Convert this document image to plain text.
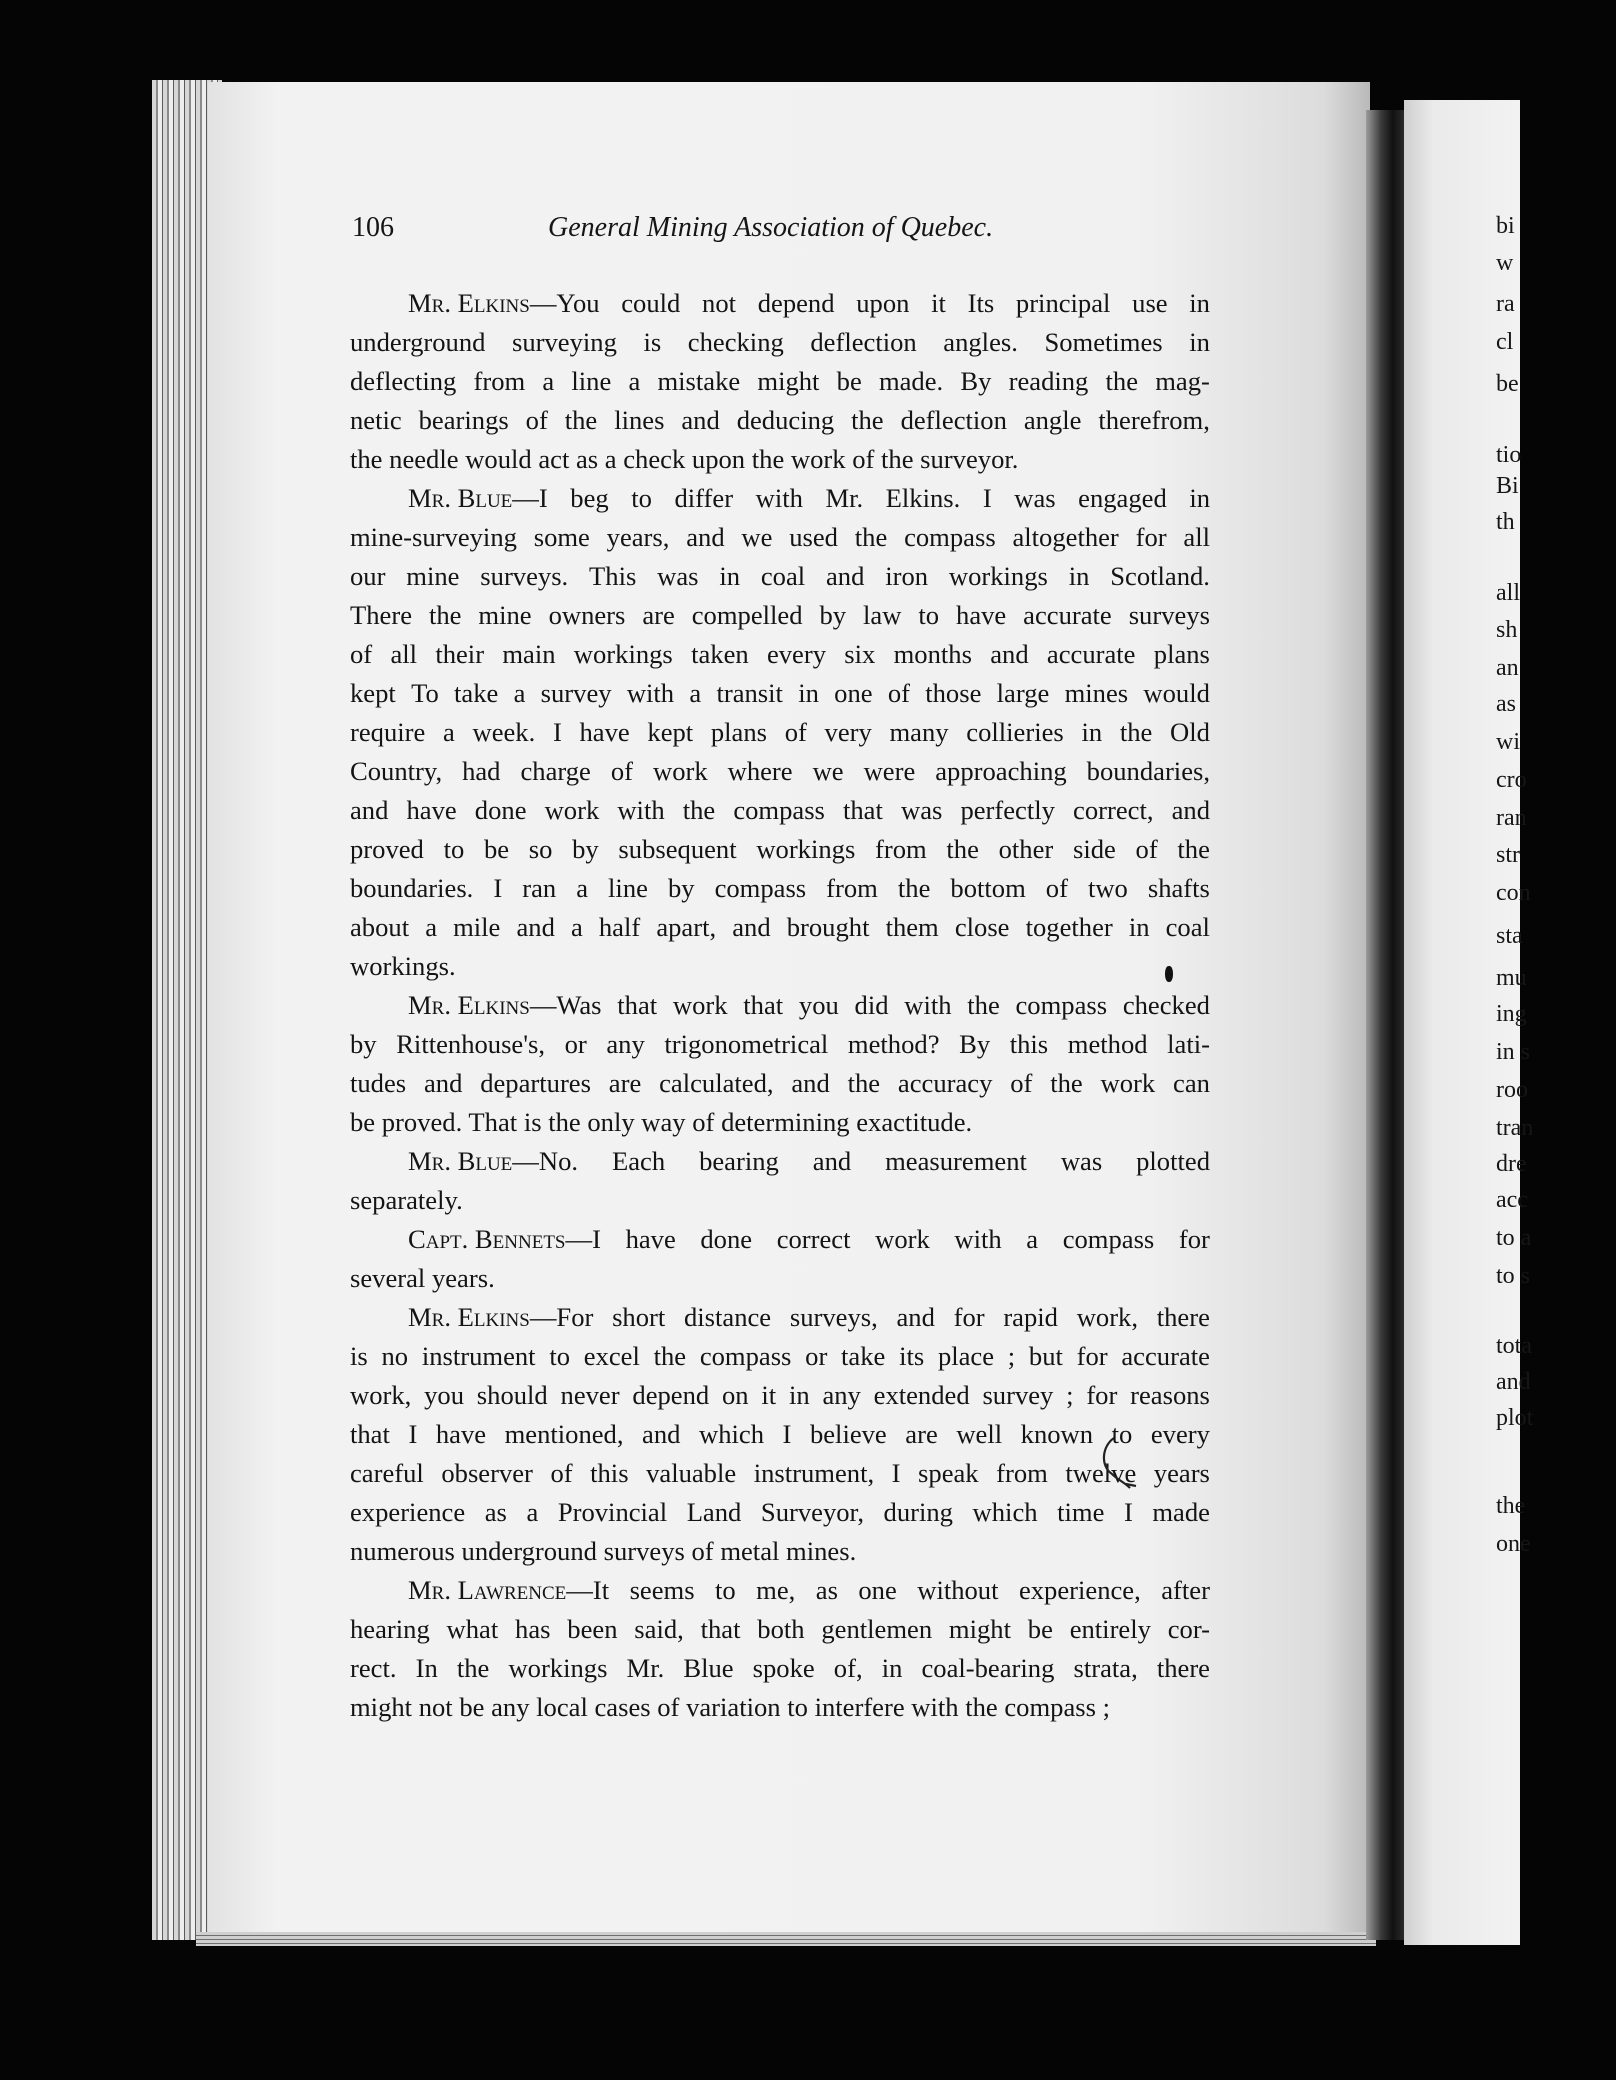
bi
w
ra
cl
be
tio
Bi
th
all
sh
an
as
wi
cro
ran
str
con
sta
mu
ing
in s
roo
tran
dre
acc
to a
to s
tota
and
plot
the
one
106	General Mining Association of Quebec.
Mr. Elkins—You could not depend upon it Its principal use in
underground surveying is checking deflection angles. Sometimes in
deflecting from a line a mistake might be made. By reading the mag-
netic bearings of the lines and deducing the deflection angle therefrom,
the needle would act as a check upon the work of the surveyor.
Mr. Blue—I beg to differ with Mr. Elkins. I was engaged in
mine-surveying some years, and we used the compass altogether for all
our mine surveys. This was in coal and iron workings in Scotland.
There the mine owners are compelled by law to have accurate surveys
of all their main workings taken every six months and accurate plans
kept To take a survey with a transit in one of those large mines would
require a week. I have kept plans of very many collieries in the Old
Country, had charge of work where we were approaching boundaries,
and have done work with the compass that was perfectly correct, and
proved to be so by subsequent workings from the other side of the
boundaries. I ran a line by compass from the bottom of two shafts
about a mile and a half apart, and brought them close together in coal
workings.
Mr. Elkins—Was that work that you did with the compass checked
by Rittenhouse's, or any trigonometrical method? By this method lati-
tudes and departures are calculated, and the accuracy of the work can
be proved. That is the only way of determining exactitude.
Mr. Blue—No. Each bearing and measurement was plotted
separately.
Capt. Bennets—I have done correct work with a compass for
several years.
Mr. Elkins—For short distance surveys, and for rapid work, there
is no instrument to excel the compass or take its place ; but for accurate
work, you should never depend on it in any extended survey ; for reasons
that I have mentioned, and which I believe are well known to every
careful observer of this valuable instrument, I speak from twelve years
experience as a Provincial Land Surveyor, during which time I made
numerous underground surveys of metal mines.
Mr. Lawrence—It seems to me, as one without experience, after
hearing what has been said, that both gentlemen might be entirely cor-
rect. In the workings Mr. Blue spoke of, in coal-bearing strata, there
might not be any local cases of variation to interfere with the compass ;
